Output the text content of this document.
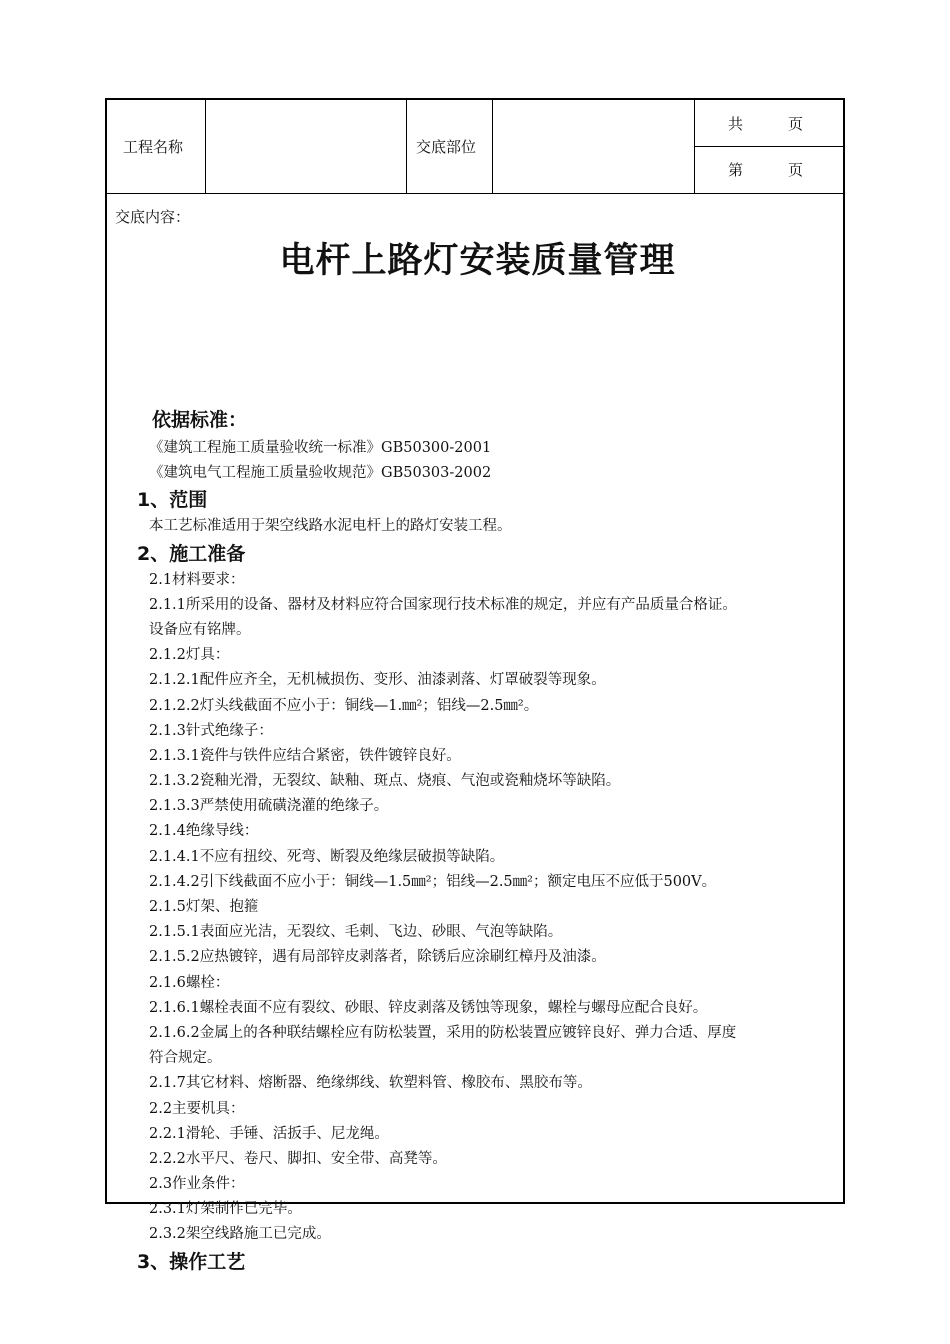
工程名称	交底部位
共　　　页
第　　　页
交底内容：
电杆上路灯安装质量管理
依据标准：
《建筑工程施工质量验收统一标准》GB50300-2001
《建筑电气工程施工质量验收规范》GB50303-2002
1、范围
本工艺标准适用于架空线路水泥电杆上的路灯安装工程。
2、施工准备
2.1材料要求：
2.1.1所采用的设备、器材及材料应符合国家现行技术标准的规定，并应有产品质量合格证。
设备应有铭牌。
2.1.2灯具：
2.1.2.1配件应齐全，无机械损伤、变形、油漆剥落、灯罩破裂等现象。
2.1.2.2灯头线截面不应小于：铜线—1.㎜²；铝线—2.5㎜²。
2.1.3针式绝缘子：
2.1.3.1瓷件与铁件应结合紧密，铁件镀锌良好。
2.1.3.2瓷釉光滑，无裂纹、缺釉、斑点、烧痕、气泡或瓷釉烧坏等缺陷。
2.1.3.3严禁使用硫磺浇灌的绝缘子。
2.1.4绝缘导线：
2.1.4.1不应有扭绞、死弯、断裂及绝缘层破损等缺陷。
2.1.4.2引下线截面不应小于：铜线—1.5㎜²；铝线—2.5㎜²；额定电压不应低于500V。
2.1.5灯架、抱箍
2.1.5.1表面应光洁，无裂纹、毛刺、飞边、砂眼、气泡等缺陷。
2.1.5.2应热镀锌，遇有局部锌皮剥落者，除锈后应涂刷红樟丹及油漆。
2.1.6螺栓：
2.1.6.1螺栓表面不应有裂纹、砂眼、锌皮剥落及锈蚀等现象，螺栓与螺母应配合良好。
2.1.6.2金属上的各种联结螺栓应有防松装置，采用的防松装置应镀锌良好、弹力合适、厚度
符合规定。
2.1.7其它材料、熔断器、绝缘绑线、软塑料管、橡胶布、黑胶布等。
2.2主要机具：
2.2.1滑轮、手锤、活扳手、尼龙绳。
2.2.2水平尺、卷尺、脚扣、安全带、高凳等。
2.3作业条件：
2.3.1灯架制作已完毕。
2.3.2架空线路施工已完成。
3、操作工艺
